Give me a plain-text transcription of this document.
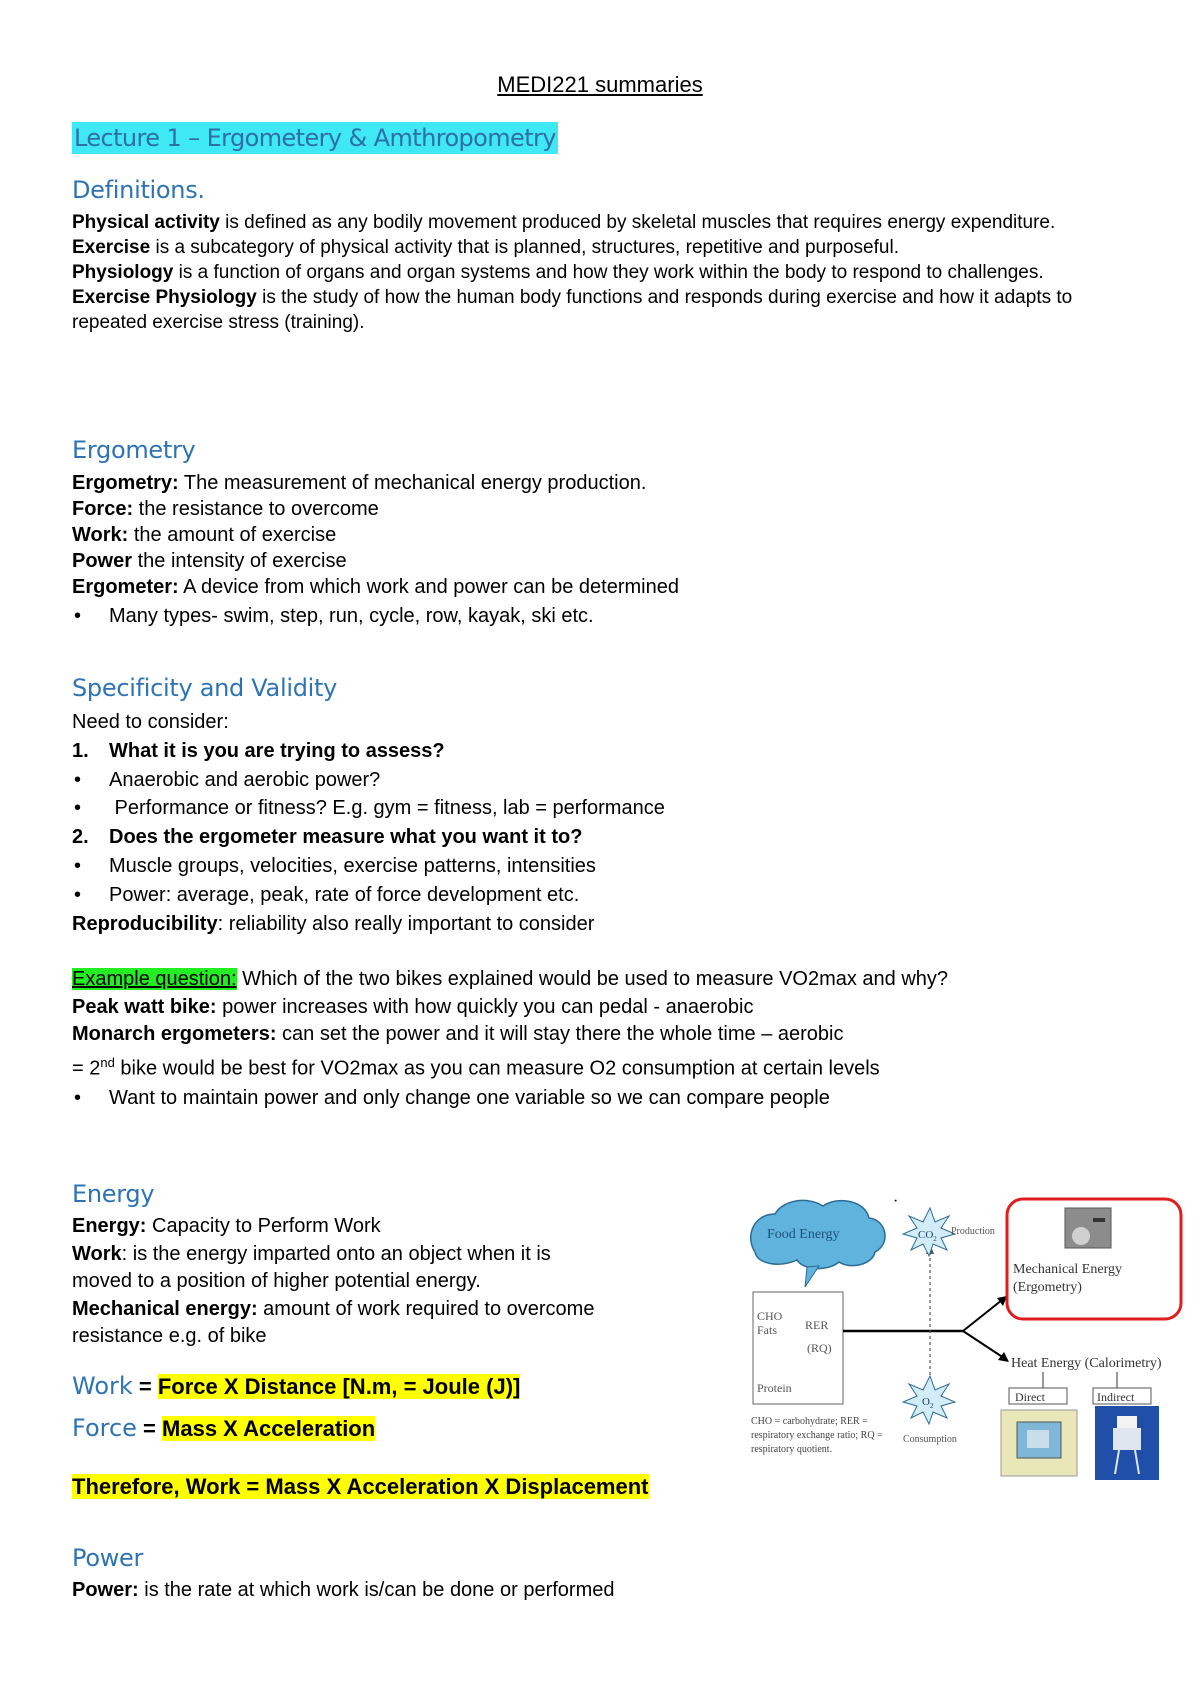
MEDI221 summaries
Lecture 1 – Ergometery & Amthropometry
Definitions.
Physical activity is defined as any bodily movement produced by skeletal muscles that requires energy expenditure.
Exercise is a subcategory of physical activity that is planned, structures, repetitive and purposeful.
Physiology is a function of organs and organ systems and how they work within the body to respond to challenges.
Exercise Physiology is the study of how the human body functions and responds during exercise and how it adapts to repeated exercise stress (training).
Ergometry
Ergometry: The measurement of mechanical energy production.
Force: the resistance to overcome
Work: the amount of exercise
Power the intensity of exercise
Ergometer: A device from which work and power can be determined
• Many types- swim, step, run, cycle, row, kayak, ski etc.
Specificity and Validity
Need to consider:
1. What it is you are trying to assess?
• Anaerobic and aerobic power?
•  Performance or fitness? E.g. gym = fitness, lab = performance
2. Does the ergometer measure what you want it to?
• Muscle groups, velocities, exercise patterns, intensities
• Power: average, peak, rate of force development etc.
Reproducibility: reliability also really important to consider
Example question: Which of the two bikes explained would be used to measure VO2max and why?
Peak watt bike: power increases with how quickly you can pedal - anaerobic
Monarch ergometers: can set the power and it will stay there the whole time – aerobic
= 2nd bike would be best for VO2max as you can measure O2 consumption at certain levels
• Want to maintain power and only change one variable so we can compare people
Energy
Energy: Capacity to Perform Work
Work: is the energy imparted onto an object when it is
moved to a position of higher potential energy.
Mechanical energy: amount of work required to overcome
resistance e.g. of bike
Work = Force X Distance [N.m, = Joule (J)]
Force = Mass X Acceleration
Therefore, Work = Mass X Acceleration X Displacement
Power
Power: is the rate at which work is/can be done or performed
Food Energy
CHO
Fats
Protein
RER
(RQ)
·
$CO_2$
Production
$O_2$
Consumption
Mechanical Energy
(Ergometry)
Heat Energy (Calorimetry)
Direct	Indirect
CHO = carbohydrate; RER =
respiratory exchange ratio; RQ =
respiratory quotient.
